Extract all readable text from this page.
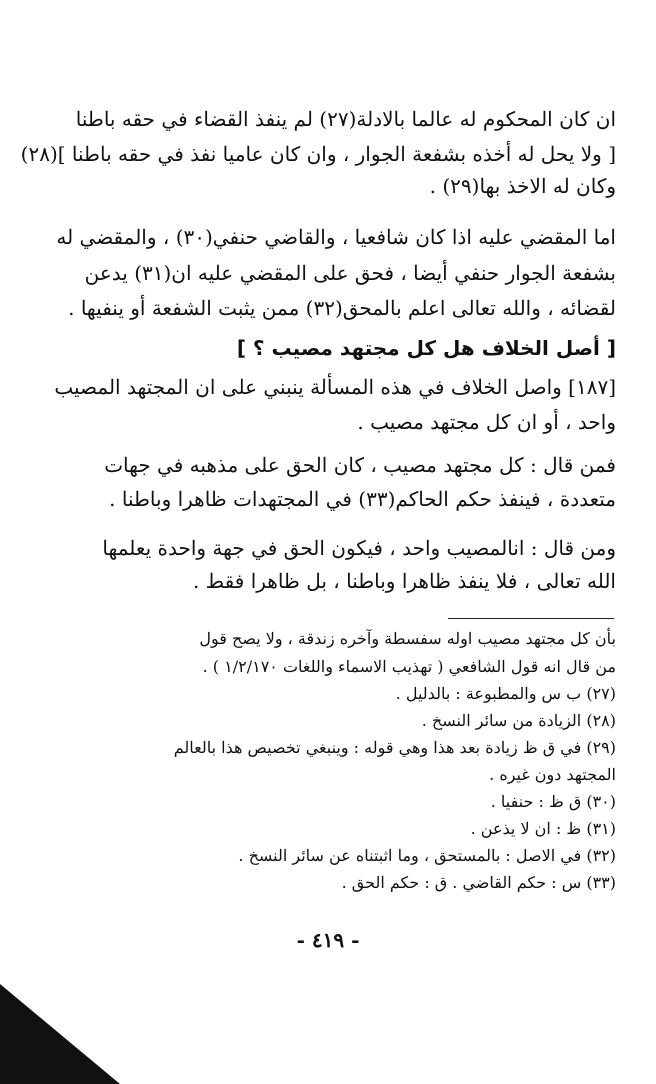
ان كان المحكوم له عالما بالادلة(٢٧) لم ينفذ القضاء في حقه باطنا
[ ولا يحل له أخذه بشفعة الجوار ، وان كان عاميا نفذ في حقه باطنا ](٢٨)
وكان له الاخذ بها(٢٩) .
اما المقضي عليه اذا كان شافعيا ، والقاضي حنفي(٣٠) ، والمقضي له
بشفعة الجوار حنفي أيضا ، فحق على المقضي عليه ان(٣١) يدعن
لقضائه ، والله تعالى اعلم بالمحق(٣٢) ممن يثبت الشفعة أو ينفيها .
[ أصل الخلاف هل كل مجتهد مصيب ؟ ]
[١٨٧] واصل الخلاف في هذه المسألة ينبني على ان المجتهد المصيب
واحد ، أو ان كل مجتهد مصيب .
فمن قال : كل مجتهد مصيب ، كان الحق على مذهبه في جهات
متعددة ، فينفذ حكم الحاكم(٣٣) في المجتهدات ظاهرا وباطنا .
ومن قال : انالمصيب واحد ، فيكون الحق في جهة واحدة يعلمها
الله تعالى ، فلا ينفذ ظاهرا وباطنا ، بل ظاهرا فقط .
بأن كل مجتهد مصيب اوله سفسطة وآخره زندقة ، ولا يصح قول
من قال انه قول الشافعي ( تهذيب الاسماء واللغات ١/٢/١٧٠ ) .
(٢٧) ب س والمطبوعة : بالدليل .
(٢٨) الزيادة من سائر النسخ .
(٢٩) في ق ظ زيادة بعد هذا وهي قوله : وينبغي تخصيص هذا بالعالم
المجتهد دون غيره .
(٣٠) ق ظ : حنفيا .
(٣١) ظ : ان لا يذعن .
(٣٢) في الاصل : بالمستحق ، وما اثبتناه عن سائر النسخ .
(٣٣) س : حكم القاضي . ق : حكم الحق .
- ٤١٩ -
